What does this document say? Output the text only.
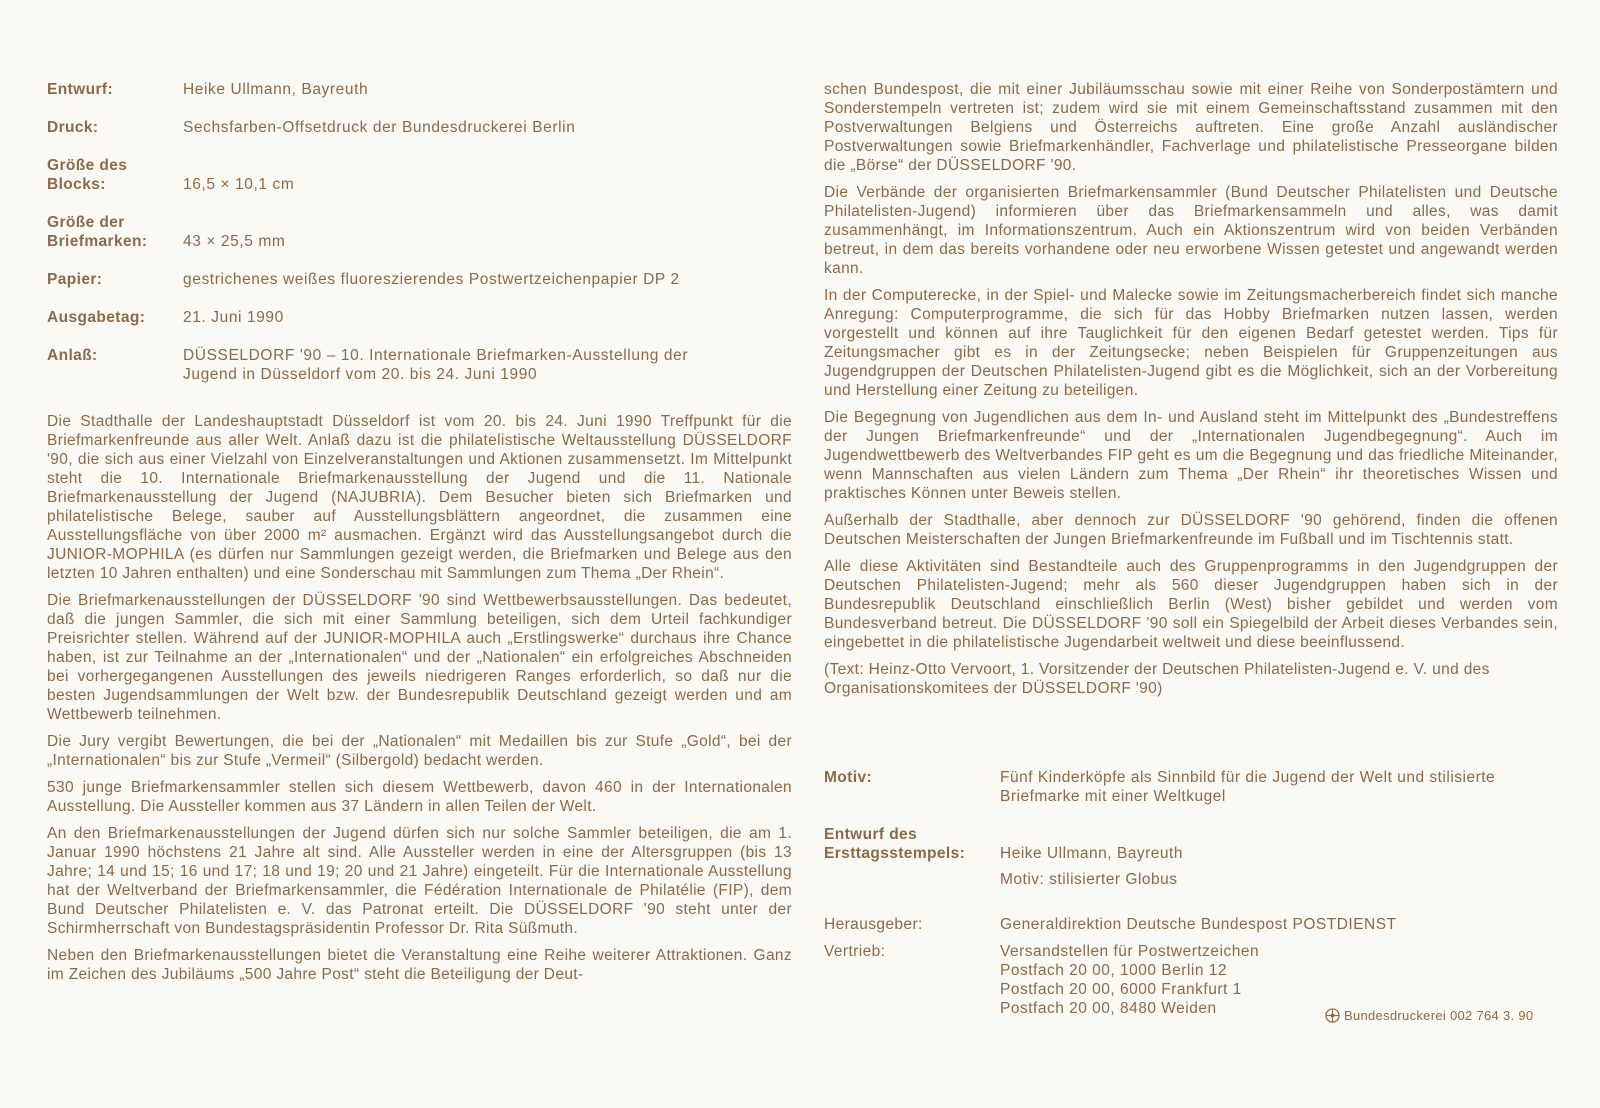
Entwurf:	Heike Ullmann, Bayreuth
Druck:	Sechsfarben-Offsetdruck der Bundesdruckerei Berlin
Größe des
Blocks:	16,5 × 10,1 cm
Größe der
Briefmarken:	43 × 25,5 mm
Papier:	gestrichenes weißes fluoreszierendes Postwertzeichenpapier DP 2
Ausgabetag:	21. Juni 1990
Anlaß:	DÜSSELDORF '90 – 10. Internationale Briefmarken-Ausstellung der
Jugend in Düsseldorf vom 20. bis 24. Juni 1990

Die Stadthalle der Landeshauptstadt Düsseldorf ist vom 20. bis 24. Juni 1990 Treffpunkt für die Briefmarkenfreunde aus aller Welt. Anlaß dazu ist die philatelistische Weltausstellung DÜSSELDORF '90, die sich aus einer Vielzahl von Einzelveranstaltungen und Aktionen zusammensetzt. Im Mittelpunkt steht die 10. Internationale Briefmarkenausstellung der Jugend und die 11. Nationale Briefmarkenausstellung der Jugend (NAJUBRIA). Dem Besucher bieten sich Briefmarken und philatelistische Belege, sauber auf Ausstellungsblättern angeordnet, die zusammen eine Ausstellungsfläche von über 2000 m² ausmachen. Ergänzt wird das Ausstellungsangebot durch die JUNIOR-MOPHILA (es dürfen nur Sammlungen gezeigt werden, die Briefmarken und Belege aus den letzten 10 Jahren enthalten) und eine Sonderschau mit Sammlungen zum Thema „Der Rhein“.

Die Briefmarkenausstellungen der DÜSSELDORF '90 sind Wettbewerbsausstellungen. Das bedeutet, daß die jungen Sammler, die sich mit einer Sammlung beteiligen, sich dem Urteil fachkundiger Preisrichter stellen. Während auf der JUNIOR-MOPHILA auch „Erstlingswerke“ durchaus ihre Chance haben, ist zur Teilnahme an der „Internationalen“ und der „Nationalen“ ein erfolgreiches Abschneiden bei vorhergegangenen Ausstellungen des jeweils niedrigeren Ranges erforderlich, so daß nur die besten Jugendsammlungen der Welt bzw. der Bundesrepublik Deutschland gezeigt werden und am Wettbewerb teilnehmen.

Die Jury vergibt Bewertungen, die bei der „Nationalen“ mit Medaillen bis zur Stufe „Gold“, bei der „Internationalen“ bis zur Stufe „Vermeil“ (Silbergold) bedacht werden.

530 junge Briefmarkensammler stellen sich diesem Wettbewerb, davon 460 in der Internationalen Ausstellung. Die Aussteller kommen aus 37 Ländern in allen Teilen der Welt.

An den Briefmarkenausstellungen der Jugend dürfen sich nur solche Sammler beteiligen, die am 1. Januar 1990 höchstens 21 Jahre alt sind. Alle Aussteller werden in eine der Altersgruppen (bis 13 Jahre; 14 und 15; 16 und 17; 18 und 19; 20 und 21 Jahre) eingeteilt. Für die Internationale Ausstellung hat der Weltverband der Briefmarkensammler, die Fédération Internationale de Philatélie (FIP), dem Bund Deutscher Philatelisten e. V. das Patronat erteilt. Die DÜSSELDORF '90 steht unter der Schirmherrschaft von Bundestagspräsidentin Professor Dr. Rita Süßmuth.

Neben den Briefmarkenausstellungen bietet die Veranstaltung eine Reihe weiterer Attraktionen. Ganz im Zeichen des Jubiläums „500 Jahre Post“ steht die Beteiligung der Deut-

schen Bundespost, die mit einer Jubiläumsschau sowie mit einer Reihe von Sonderpostämtern und Sonderstempeln vertreten ist; zudem wird sie mit einem Gemeinschaftsstand zusammen mit den Postverwaltungen Belgiens und Österreichs auftreten. Eine große Anzahl ausländischer Postverwaltungen sowie Briefmarkenhändler, Fachverlage und philatelistische Presseorgane bilden die „Börse“ der DÜSSELDORF '90.

Die Verbände der organisierten Briefmarkensammler (Bund Deutscher Philatelisten und Deutsche Philatelisten-Jugend) informieren über das Briefmarkensammeln und alles, was damit zusammenhängt, im Informationszentrum. Auch ein Aktionszentrum wird von beiden Verbänden betreut, in dem das bereits vorhandene oder neu erworbene Wissen getestet und angewandt werden kann.

In der Computerecke, in der Spiel- und Malecke sowie im Zeitungsmacherbereich findet sich manche Anregung: Computerprogramme, die sich für das Hobby Briefmarken nutzen lassen, werden vorgestellt und können auf ihre Tauglichkeit für den eigenen Bedarf getestet werden. Tips für Zeitungsmacher gibt es in der Zeitungsecke; neben Beispielen für Gruppenzeitungen aus Jugendgruppen der Deutschen Philatelisten-Jugend gibt es die Möglichkeit, sich an der Vorbereitung und Herstellung einer Zeitung zu beteiligen.

Die Begegnung von Jugendlichen aus dem In- und Ausland steht im Mittelpunkt des „Bundestreffens der Jungen Briefmarkenfreunde“ und der „Internationalen Jugendbegegnung“. Auch im Jugendwettbewerb des Weltverbandes FIP geht es um die Begegnung und das friedliche Miteinander, wenn Mannschaften aus vielen Ländern zum Thema „Der Rhein“ ihr theoretisches Wissen und praktisches Können unter Beweis stellen.

Außerhalb der Stadthalle, aber dennoch zur DÜSSELDORF '90 gehörend, finden die offenen Deutschen Meisterschaften der Jungen Briefmarkenfreunde im Fußball und im Tischtennis statt.

Alle diese Aktivitäten sind Bestandteile auch des Gruppenprogramms in den Jugendgruppen der Deutschen Philatelisten-Jugend; mehr als 560 dieser Jugendgruppen haben sich in der Bundesrepublik Deutschland einschließlich Berlin (West) bisher gebildet und werden vom Bundesverband betreut. Die DÜSSELDORF '90 soll ein Spiegelbild der Arbeit dieses Verbandes sein, eingebettet in die philatelistische Jugendarbeit weltweit und diese beeinflussend.

(Text: Heinz-Otto Vervoort, 1. Vorsitzender der Deutschen Philatelisten-Jugend e. V. und des Organisationskomitees der DÜSSELDORF '90)

Motiv:	Fünf Kinderköpfe als Sinnbild für die Jugend der Welt und stilisierte Briefmarke mit einer Weltkugel
Entwurf des
Ersttagsstempels:	Heike Ullmann, Bayreuth
Motiv: stilisierter Globus
Herausgeber:	Generaldirektion Deutsche Bundespost POSTDIENST
Vertrieb:	Versandstellen für Postwertzeichen
Postfach 20 00, 1000 Berlin 12
Postfach 20 00, 6000 Frankfurt 1
Postfach 20 00, 8480 Weiden	Bundesdruckerei 002 764 3. 90
